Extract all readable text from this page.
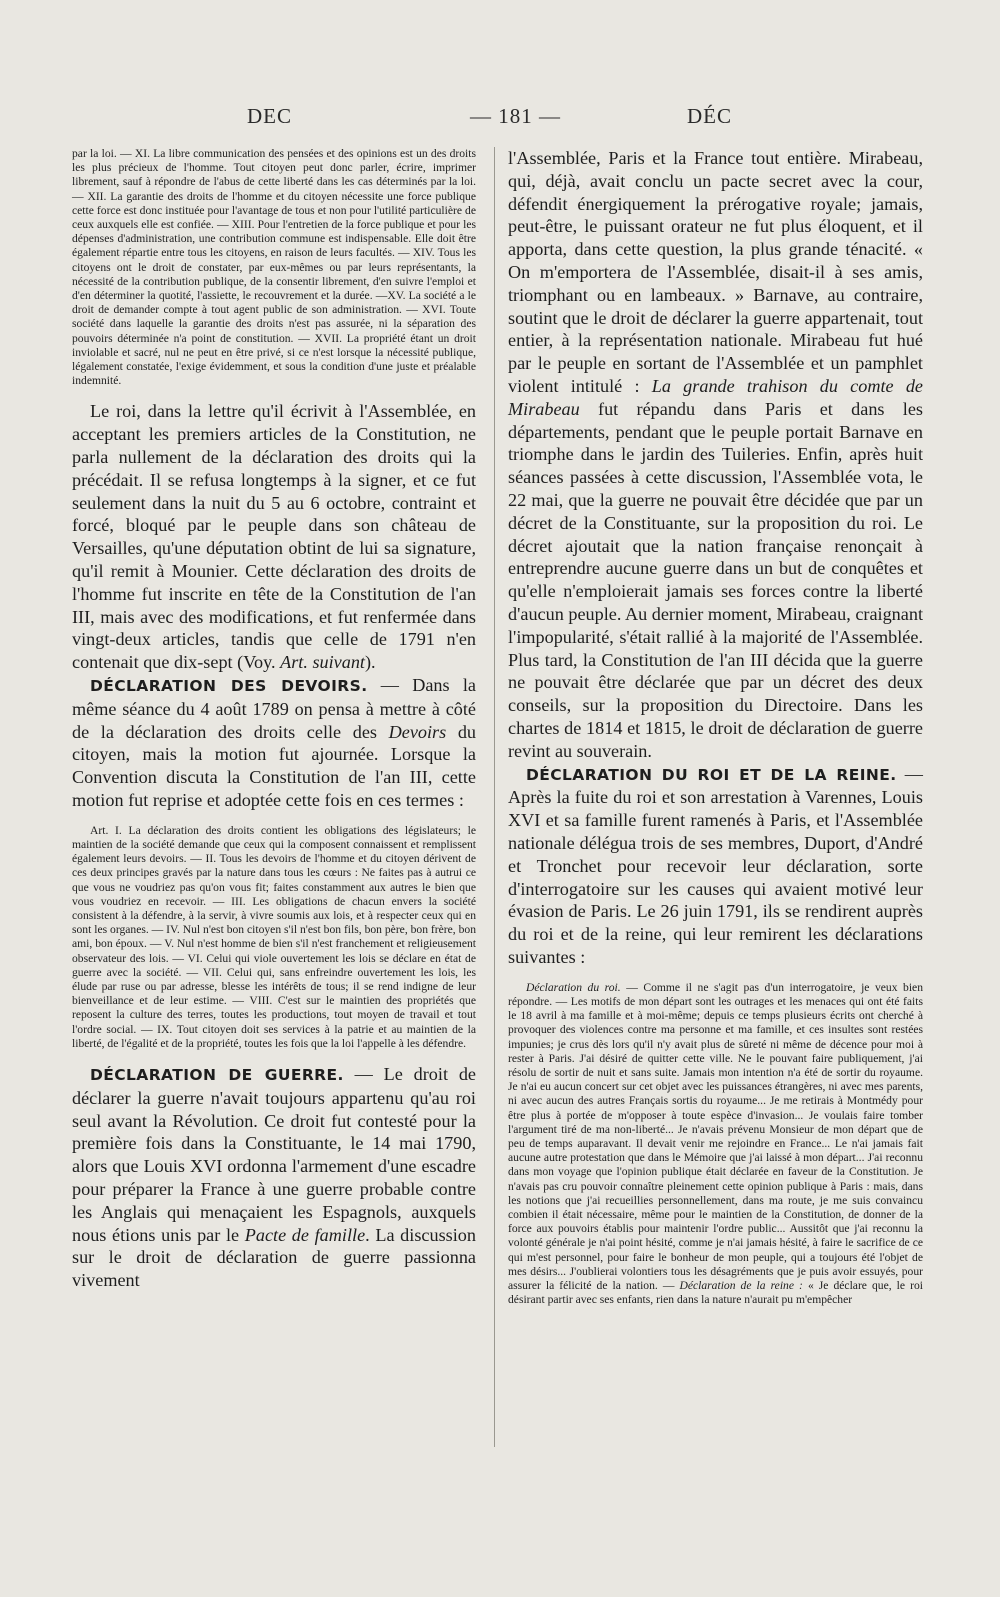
DEC	— 181 —	DÉC

par la loi. — XI. La libre communication des pensées et des opinions est un des droits les plus précieux de l'homme. Tout citoyen peut donc parler, écrire, imprimer librement, sauf à répondre de l'abus de cette liberté dans les cas déterminés par la loi. — XII. La garantie des droits de l'homme et du citoyen nécessite une force publique cette force est donc instituée pour l'avantage de tous et non pour l'utilité particulière de ceux auxquels elle est confiée. — XIII. Pour l'entretien de la force publique et pour les dépenses d'administration, une contribution commune est indispensable. Elle doit être également répartie entre tous les citoyens, en raison de leurs facultés. — XIV. Tous les citoyens ont le droit de constater, par eux-mêmes ou par leurs représentants, la nécessité de la contribution publique, de la consentir librement, d'en suivre l'emploi et d'en déterminer la quotité, l'assiette, le recouvrement et la durée. —XV. La société a le droit de demander compte à tout agent public de son administration. — XVI. Toute société dans laquelle la garantie des droits n'est pas assurée, ni la séparation des pouvoirs déterminée n'a point de constitution. — XVII. La propriété étant un droit inviolable et sacré, nul ne peut en être privé, si ce n'est lorsque la nécessité publique, légalement constatée, l'exige évidemment, et sous la condition d'une juste et préalable indemnité.

Le roi, dans la lettre qu'il écrivit à l'Assemblée, en acceptant les premiers articles de la Constitution, ne parla nullement de la déclaration des droits qui la précédait. Il se refusa longtemps à la signer, et ce fut seulement dans la nuit du 5 au 6 octobre, contraint et forcé, bloqué par le peuple dans son château de Versailles, qu'une députation obtint de lui sa signature, qu'il remit à Mounier. Cette déclaration des droits de l'homme fut inscrite en tête de la Constitution de l'an III, mais avec des modifications, et fut renfermée dans vingt-deux articles, tandis que celle de 1791 n'en contenait que dix-sept (Voy. Art. suivant).

DÉCLARATION DES DEVOIRS. — Dans la même séance du 4 août 1789 on pensa à mettre à côté de la déclaration des droits celle des Devoirs du citoyen, mais la motion fut ajournée. Lorsque la Convention discuta la Constitution de l'an III, cette motion fut reprise et adoptée cette fois en ces termes :

Art. I. La déclaration des droits contient les obligations des législateurs; le maintien de la société demande que ceux qui la composent connaissent et remplissent également leurs devoirs. — II. Tous les devoirs de l'homme et du citoyen dérivent de ces deux principes gravés par la nature dans tous les cœurs : Ne faites pas à autrui ce que vous ne voudriez pas qu'on vous fit; faites constamment aux autres le bien que vous voudriez en recevoir. — III. Les obligations de chacun envers la société consistent à la défendre, à la servir, à vivre soumis aux lois, et à respecter ceux qui en sont les organes. — IV. Nul n'est bon citoyen s'il n'est bon fils, bon père, bon frère, bon ami, bon époux. — V. Nul n'est homme de bien s'il n'est franchement et religieusement observateur des lois. — VI. Celui qui viole ouvertement les lois se déclare en état de guerre avec la société. — VII. Celui qui, sans enfreindre ouvertement les lois, les élude par ruse ou par adresse, blesse les intérêts de tous; il se rend indigne de leur bienveillance et de leur estime. — VIII. C'est sur le maintien des propriétés que reposent la culture des terres, toutes les productions, tout moyen de travail et tout l'ordre social. — IX. Tout citoyen doit ses services à la patrie et au maintien de la liberté, de l'égalité et de la propriété, toutes les fois que la loi l'appelle à les défendre.

DÉCLARATION DE GUERRE. — Le droit de déclarer la guerre n'avait toujours appartenu qu'au roi seul avant la Révolution. Ce droit fut contesté pour la première fois dans la Constituante, le 14 mai 1790, alors que Louis XVI ordonna l'armement d'une escadre pour préparer la France à une guerre probable contre les Anglais qui menaçaient les Espagnols, auxquels nous étions unis par le Pacte de famille. La discussion sur le droit de déclaration de guerre passionna vivement

l'Assemblée, Paris et la France tout entière. Mirabeau, qui, déjà, avait conclu un pacte secret avec la cour, défendit énergiquement la prérogative royale; jamais, peut-être, le puissant orateur ne fut plus éloquent, et il apporta, dans cette question, la plus grande ténacité. « On m'emportera de l'Assemblée, disait-il à ses amis, triomphant ou en lambeaux. » Barnave, au contraire, soutint que le droit de déclarer la guerre appartenait, tout entier, à la représentation nationale. Mirabeau fut hué par le peuple en sortant de l'Assemblée et un pamphlet violent intitulé : La grande trahison du comte de Mirabeau fut répandu dans Paris et dans les départements, pendant que le peuple portait Barnave en triomphe dans le jardin des Tuileries. Enfin, après huit séances passées à cette discussion, l'Assemblée vota, le 22 mai, que la guerre ne pouvait être décidée que par un décret de la Constituante, sur la proposition du roi. Le décret ajoutait que la nation française renonçait à entreprendre aucune guerre dans un but de conquêtes et qu'elle n'emploierait jamais ses forces contre la liberté d'aucun peuple. Au dernier moment, Mirabeau, craignant l'impopularité, s'était rallié à la majorité de l'Assemblée. Plus tard, la Constitution de l'an III décida que la guerre ne pouvait être déclarée que par un décret des deux conseils, sur la proposition du Directoire. Dans les chartes de 1814 et 1815, le droit de déclaration de guerre revint au souverain.

DÉCLARATION DU ROI ET DE LA REINE. — Après la fuite du roi et son arrestation à Varennes, Louis XVI et sa famille furent ramenés à Paris, et l'Assemblée nationale délégua trois de ses membres, Duport, d'André et Tronchet pour recevoir leur déclaration, sorte d'interrogatoire sur les causes qui avaient motivé leur évasion de Paris. Le 26 juin 1791, ils se rendirent auprès du roi et de la reine, qui leur remirent les déclarations suivantes :

Déclaration du roi. — Comme il ne s'agit pas d'un interrogatoire, je veux bien répondre. — Les motifs de mon départ sont les outrages et les menaces qui ont été faits le 18 avril à ma famille et à moi-même; depuis ce temps plusieurs écrits ont cherché à provoquer des violences contre ma personne et ma famille, et ces insultes sont restées impunies; je crus dès lors qu'il n'y avait plus de sûreté ni même de décence pour moi à rester à Paris. J'ai désiré de quitter cette ville. Ne le pouvant faire publiquement, j'ai résolu de sortir de nuit et sans suite. Jamais mon intention n'a été de sortir du royaume. Je n'ai eu aucun concert sur cet objet avec les puissances étrangères, ni avec mes parents, ni avec aucun des autres Français sortis du royaume... Je me retirais à Montmédy pour être plus à portée de m'opposer à toute espèce d'invasion... Je voulais faire tomber l'argument tiré de ma non-liberté... Je n'avais prévenu Monsieur de mon départ que de peu de temps auparavant. Il devait venir me rejoindre en France... Le n'ai jamais fait aucune autre protestation que dans le Mémoire que j'ai laissé à mon départ... J'ai reconnu dans mon voyage que l'opinion publique était déclarée en faveur de la Constitution. Je n'avais pas cru pouvoir connaître pleinement cette opinion publique à Paris : mais, dans les notions que j'ai recueillies personnellement, dans ma route, je me suis convaincu combien il était nécessaire, même pour le maintien de la Constitution, de donner de la force aux pouvoirs établis pour maintenir l'ordre public... Aussitôt que j'ai reconnu la volonté générale je n'ai point hésité, comme je n'ai jamais hésité, à faire le sacrifice de ce qui m'est personnel, pour faire le bonheur de mon peuple, qui a toujours été l'objet de mes désirs... J'oublierai volontiers tous les désagréments que je puis avoir essuyés, pour assurer la félicité de la nation. — Déclaration de la reine : « Je déclare que, le roi désirant partir avec ses enfants, rien dans la nature n'aurait pu m'empêcher
